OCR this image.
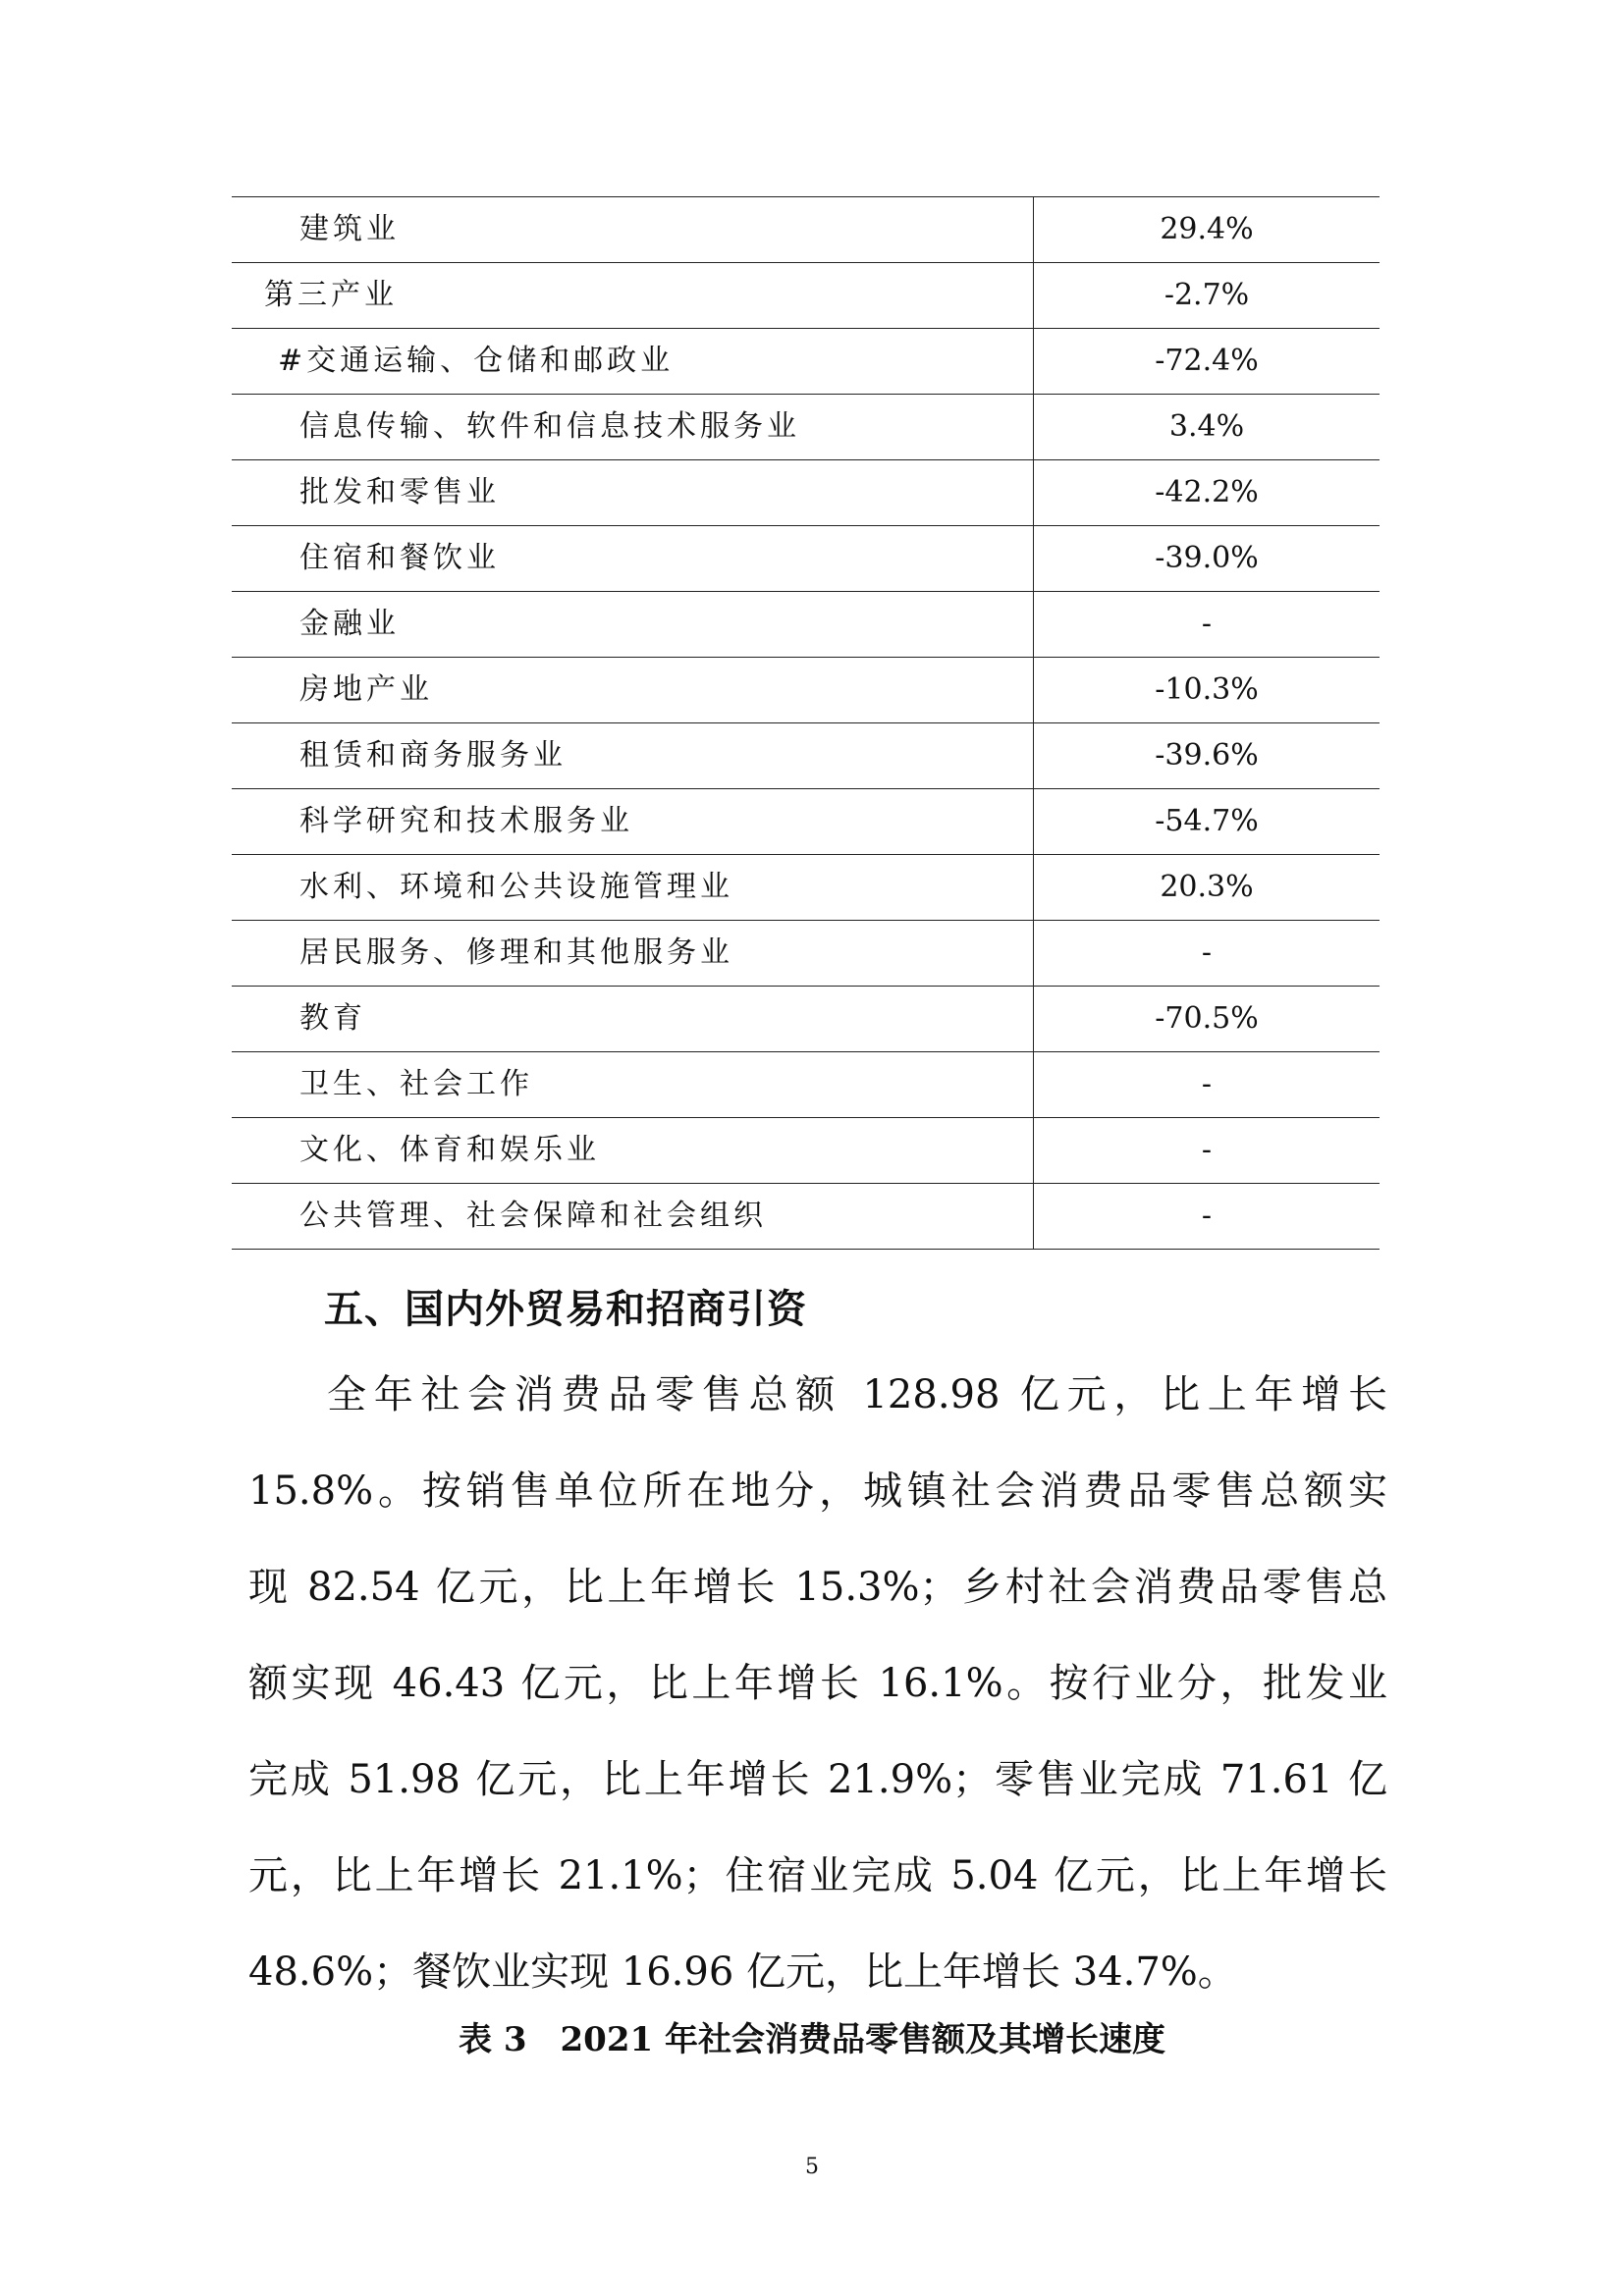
建筑业	29.4%
第三产业	-2.7%
#交通运输、仓储和邮政业	-72.4%
信息传输、软件和信息技术服务业	3.4%
批发和零售业	-42.2%
住宿和餐饮业	-39.0%
金融业	-
房地产业	-10.3%
租赁和商务服务业	-39.6%
科学研究和技术服务业	-54.7%
水利、环境和公共设施管理业	20.3%
居民服务、修理和其他服务业	-
教育	-70.5%
卫生、社会工作	-
文化、体育和娱乐业	-
公共管理、社会保障和社会组织	-
五、国内外贸易和招商引资
全年社会消费品零售总额 128.98 亿元，比上年增长
15.8%。按销售单位所在地分，城镇社会消费品零售总额实
现 82.54 亿元，比上年增长 15.3%；乡村社会消费品零售总
额实现 46.43 亿元，比上年增长 16.1%。按行业分，批发业
完成 51.98 亿元，比上年增长 21.9%；零售业完成 71.61 亿
元，比上年增长 21.1%；住宿业完成 5.04 亿元，比上年增长
48.6%；餐饮业实现 16.96 亿元，比上年增长 34.7%。

表 3　2021 年社会消费品零售额及其增长速度

5
